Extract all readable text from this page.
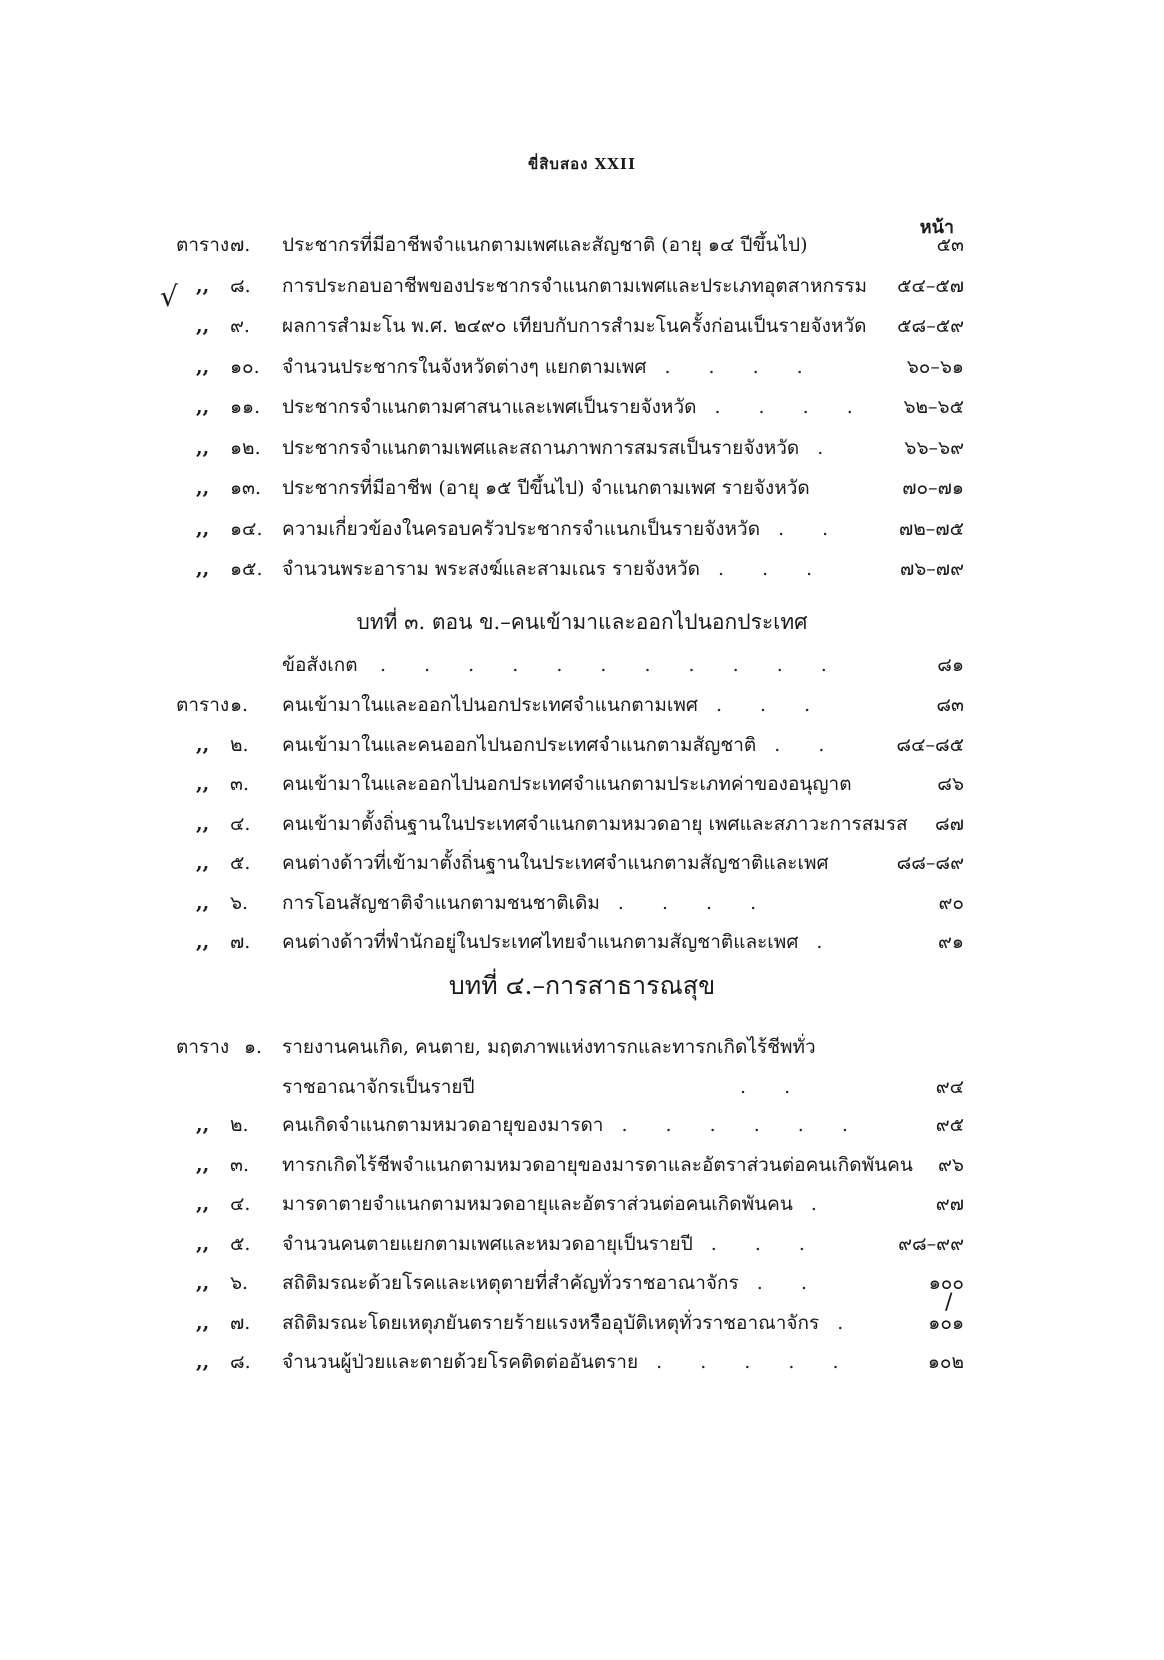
ขี่สิบสอง XXII
หน้า
√
/
ตาราง ๗.	ประชากรที่มีอาชีพจำแนกตามเพศและสัญชาติ (อายุ ๑๔ ปีขึ้นไป)	๕๓
,,	๘.	การประกอบอาชีพของประชากรจำแนกตามเพศและประเภทอุตสาหกรรม	๕๔–๕๗
,,	๙.	ผลการสำมะโน พ.ศ. ๒๔๙๐ เทียบกับการสำมะโนครั้งก่อนเป็นรายจังหวัด	๕๘–๕๙
,,	๑๐.	จำนวนประชากรในจังหวัดต่างๆ แยกตามเพศ . . . .	๖๐–๖๑
,,	๑๑.	ประชากรจำแนกตามศาสนาและเพศเป็นรายจังหวัด . . . . ๖๒–๖๕
,,	๑๒.	ประชากรจำแนกตามเพศและสถานภาพการสมรสเป็นรายจังหวัด .	๖๖–๖๙
,,	๑๓.	ประชากรที่มีอาชีพ (อายุ ๑๕ ปีขึ้นไป) จำแนกตามเพศ รายจังหวัด	๗๐–๗๑
,,	๑๔.	ความเกี่ยวข้องในครอบครัวประชากรจำแนกเป็นรายจังหวัด . .	๗๒–๗๕
,,	๑๕.	จำนวนพระอาราม พระสงฆ์และสามเณร รายจังหวัด . . .	๗๖–๗๙
บทที่ ๓. ตอน ข.–คนเข้ามาและออกไปนอกประเทศ
ข้อสังเกต . . . . . . . . . . .	๘๑
ตาราง ๑.	คนเข้ามาในและออกไปนอกประเทศจำแนกตามเพศ . . .	๘๓
,,	๒.	คนเข้ามาในและคนออกไปนอกประเทศจำแนกตามสัญชาติ . .	๘๔–๘๕
,,	๓.	คนเข้ามาในและออกไปนอกประเทศจำแนกตามประเภทค่าของอนุญาต	๘๖
,,	๔.	คนเข้ามาตั้งถิ่นฐานในประเทศจำแนกตามหมวดอายุ เพศและสภาวะการสมรส	๘๗
,,	๕.	คนต่างด้าวที่เข้ามาตั้งถิ่นฐานในประเทศจำแนกตามสัญชาติและเพศ	๘๘–๘๙
,,	๖.	การโอนสัญชาติจำแนกตามชนชาติเดิม . . . .	๙๐
,,	๗.	คนต่างด้าวที่พำนักอยู่ในประเทศไทยจำแนกตามสัญชาติและเพศ .	๙๑
บทที่ ๔.–การสาธารณสุข
ตาราง ๑.	รายงานคนเกิด, คนตาย, มฤตภาพแห่งทารกและทารกเกิดไร้ชีพทั่ว
ราชอาณาจักรเป็นรายปี	. .	๙๔
,,	๒.	คนเกิดจำแนกตามหมวดอายุของมารดา . . . . . .	๙๕
,,	๓.	ทารกเกิดไร้ชีพจำแนกตามหมวดอายุของมารดาและอัตราส่วนต่อคนเกิดพันคน	๙๖
,,	๔.	มารดาตายจำแนกตามหมวดอายุและอัตราส่วนต่อคนเกิดพันคน .	๙๗
,,	๕.	จำนวนคนตายแยกตามเพศและหมวดอายุเป็นรายปี . . .	๙๘–๙๙
,,	๖.	สถิติมรณะด้วยโรคและเหตุตายที่สำคัญทั่วราชอาณาจักร . .	๑๐๐
,,	๗.	สถิติมรณะโดยเหตุภยันตรายร้ายแรงหรืออุบัติเหตุทั่วราชอาณาจักร .	๑๐๑
,,	๘.	จำนวนผู้ป่วยและตายด้วยโรคติดต่ออันตราย . . . . .	๑๐๒
